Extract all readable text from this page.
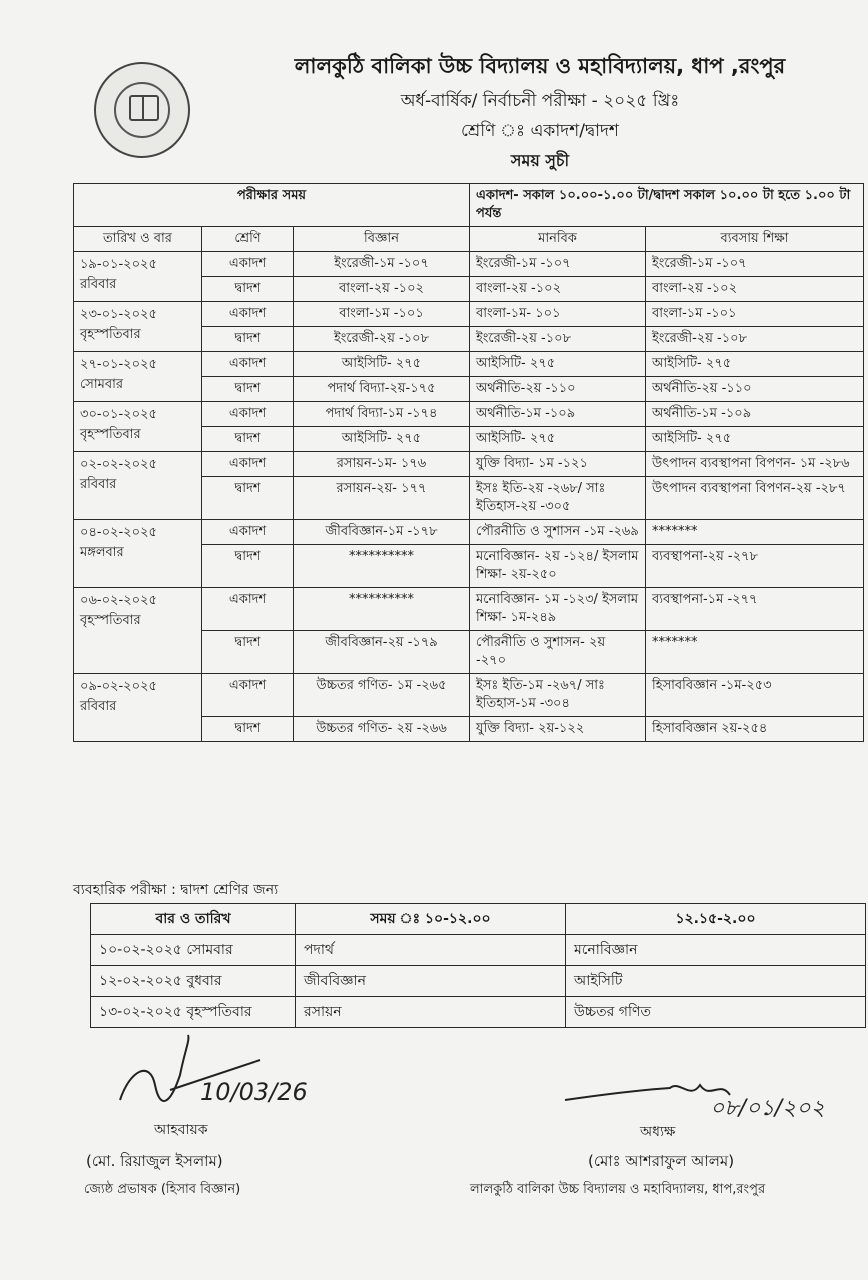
লালকুঠি বালিকা উচ্চ বিদ্যালয় ও মহাবিদ্যালয়, ধাপ ,রংপুর
অর্ধ-বার্ষিক/ নির্বাচনী পরীক্ষা - ২০২৫ খ্রিঃ
শ্রেণি ঃ একাদশ/দ্বাদশ
সময় সুচী
পরীক্ষার সময়			একাদশ- সকাল ১০.০০-১.০০ টা/দ্বাদশ সকাল ১০.০০ টা হতে ১.০০ টা পর্যন্ত	
তারিখ ও বার	শ্রেণি	বিজ্ঞান	মানবিক	ব্যবসায় শিক্ষা

১৯-০১-২০২৫
রবিবার	একাদশ	ইংরেজী-১ম -১০৭	ইংরেজী-১ম -১০৭	ইংরেজী-১ম -১০৭
	দ্বাদশ	বাংলা-২য় -১০২	বাংলা-২য় -১০২	বাংলা-২য় -১০২

২৩-০১-২০২৫
বৃহস্পতিবার	একাদশ	বাংলা-১ম -১০১	বাংলা-১ম- ১০১	বাংলা-১ম -১০১
	দ্বাদশ	ইংরেজী-২য় -১০৮	ইংরেজী-২য় -১০৮	ইংরেজী-২য় -১০৮

২৭-০১-২০২৫
সোমবার	একাদশ	আইসিটি- ২৭৫	আইসিটি- ২৭৫	আইসিটি- ২৭৫
	দ্বাদশ	পদার্থ বিদ্যা-২য়-১৭৫	অর্থনীতি-২য় -১১০	অর্থনীতি-২য় -১১০

৩০-০১-২০২৫
বৃহস্পতিবার	একাদশ	পদার্থ বিদ্যা-১ম -১৭৪	অর্থনীতি-১ম -১০৯	অর্থনীতি-১ম -১০৯
	দ্বাদশ	আইসিটি- ২৭৫	আইসিটি- ২৭৫	আইসিটি- ২৭৫

০২-০২-২০২৫
রবিবার	একাদশ	রসায়ন-১ম- ১৭৬	যুক্তি বিদ্যা- ১ম -১২১	উৎপাদন ব্যবস্থাপনা বিপণন- ১ম -২৮৬
	দ্বাদশ	রসায়ন-২য়- ১৭৭	ইসঃ ইতি-২য় -২৬৮/ সাঃ ইতিহাস-২য় -৩০৫	উৎপাদন ব্যবস্থাপনা বিপণন-২য় -২৮৭

০৪-০২-২০২৫
মঙ্গলবার	একাদশ	জীববিজ্ঞান-১ম -১৭৮	পৌরনীতি ও সুশাসন -১ম -২৬৯	*******
	দ্বাদশ	**********	মনোবিজ্ঞান- ২য় -১২৪/ ইসলাম শিক্ষা- ২য়-২৫০	ব্যবস্থাপনা-২য় -২৭৮

০৬-০২-২০২৫
বৃহস্পতিবার	একাদশ	**********	মনোবিজ্ঞান- ১ম -১২৩/ ইসলাম শিক্ষা- ১ম-২৪৯	ব্যবস্থাপনা-১ম -২৭৭
	দ্বাদশ	জীববিজ্ঞান-২য় -১৭৯	পৌরনীতি ও সুশাসন- ২য় -২৭০	*******

০৯-০২-২০২৫
রবিবার	একাদশ	উচ্চতর গণিত- ১ম -২৬৫	ইসঃ ইতি-১ম -২৬৭/ সাঃ ইতিহাস-১ম -৩০৪	হিসাববিজ্ঞান -১ম-২৫৩
	দ্বাদশ	উচ্চতর গণিত- ২য় -২৬৬	যুক্তি বিদ্যা- ২য়-১২২	হিসাববিজ্ঞান ২য়-২৫৪
ব্যবহারিক পরীক্ষা : দ্বাদশ শ্রেণির জন্য
বার ও তারিখ	সময় ঃ ১০-১২.০০	১২.১৫-২.০০
১০-০২-২০২৫ সোমবার	পদার্থ	মনোবিজ্ঞান
১২-০২-২০২৫ বুধবার	জীববিজ্ঞান	আইসিটি
১৩-০২-২০২৫ বৃহস্পতিবার	রসায়ন	উচ্চতর গণিত
10/03/26
আহবায়ক
(মো. রিয়াজুল ইসলাম)
জ্যেষ্ঠ প্রভাষক (হিসাব বিজ্ঞান)
০৮/০১/২০২
অধ্যক্ষ
(মোঃ আশরাফুল আলম)
লালকুঠি বালিকা উচ্চ বিদ্যালয় ও মহাবিদ্যালয়, ধাপ,রংপুর
